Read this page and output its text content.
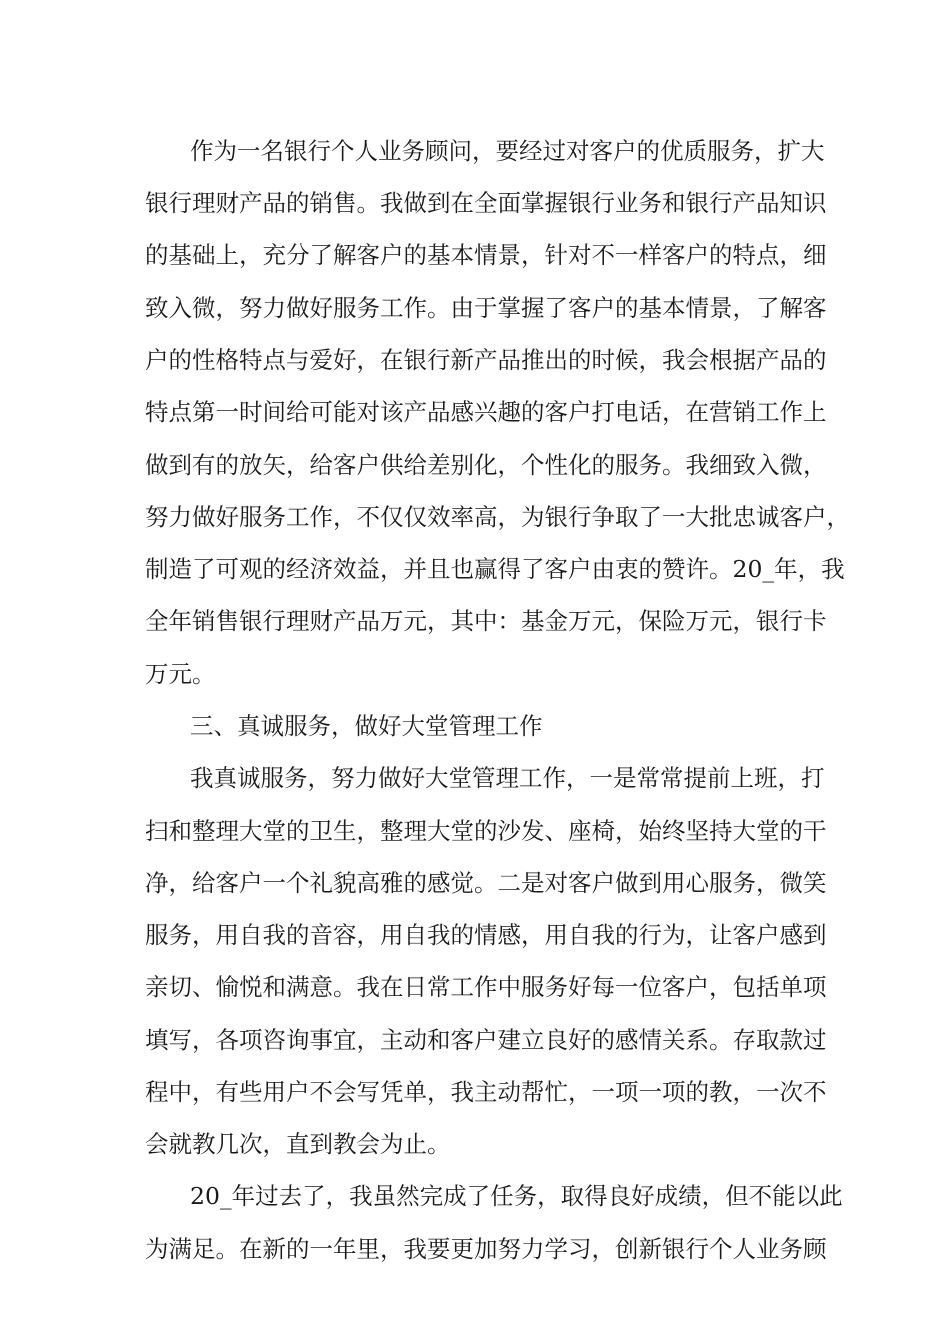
作为一名银行个人业务顾问，要经过对客户的优质服务，扩大
银行理财产品的销售。我做到在全面掌握银行业务和银行产品知识
的基础上，充分了解客户的基本情景，针对不一样客户的特点，细
致入微，努力做好服务工作。由于掌握了客户的基本情景，了解客
户的性格特点与爱好，在银行新产品推出的时候，我会根据产品的
特点第一时间给可能对该产品感兴趣的客户打电话，在营销工作上
做到有的放矢，给客户供给差别化，个性化的服务。我细致入微，
努力做好服务工作，不仅仅效率高，为银行争取了一大批忠诚客户，
制造了可观的经济效益，并且也赢得了客户由衷的赞许。20_年，我
全年销售银行理财产品万元，其中：基金万元，保险万元，银行卡
万元。
三、真诚服务，做好大堂管理工作
我真诚服务，努力做好大堂管理工作，一是常常提前上班，打
扫和整理大堂的卫生，整理大堂的沙发、座椅，始终坚持大堂的干
净，给客户一个礼貌高雅的感觉。二是对客户做到用心服务，微笑
服务，用自我的音容，用自我的情感，用自我的行为，让客户感到
亲切、愉悦和满意。我在日常工作中服务好每一位客户，包括单项
填写，各项咨询事宜，主动和客户建立良好的感情关系。存取款过
程中，有些用户不会写凭单，我主动帮忙，一项一项的教，一次不
会就教几次，直到教会为止。
20_年过去了，我虽然完成了任务，取得良好成绩，但不能以此
为满足。在新的一年里，我要更加努力学习，创新银行个人业务顾
